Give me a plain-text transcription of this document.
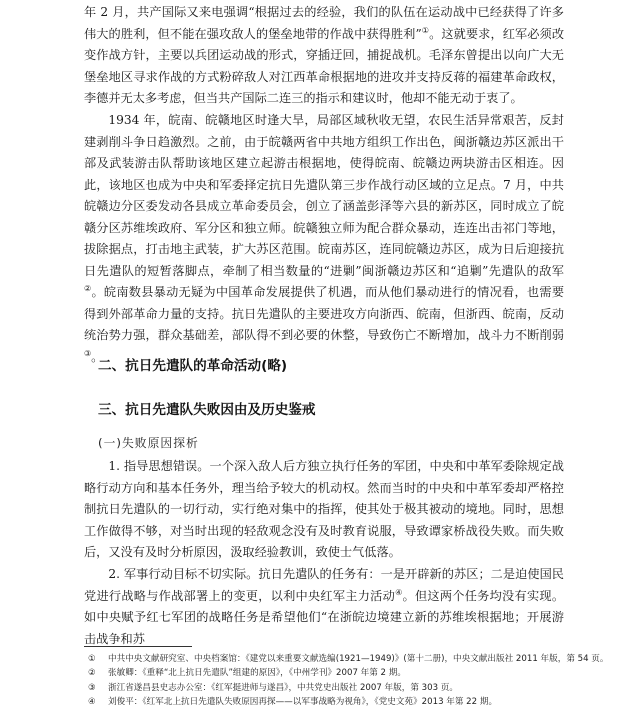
年 2 月，共产国际又来电强调“根据过去的经验，我们的队伍在运动战中已经获得了许多伟大的胜利，但不能在强攻敌人的堡垒地带的作战中获得胜利”①。这就要求，红军必须改变作战方针，主要以兵团运动战的形式，穿插迂回，捕捉战机。毛泽东曾提出以向广大无堡垒地区寻求作战的方式粉碎敌人对江西革命根据地的进攻并支持反蒋的福建革命政权，李德并无太多考虑，但当共产国际二连三的指示和建议时，他却不能无动于衷了。

1934 年，皖南、皖赣地区时逢大旱，局部区域秋收无望，农民生活异常艰苦，反封建剥削斗争日趋激烈。之前，由于皖赣两省中共地方组织工作出色，闽浙赣边苏区派出干部及武装游击队帮助该地区建立起游击根据地，使得皖南、皖赣边两块游击区相连。因此，该地区也成为中央和军委择定抗日先遣队第三步作战行动区域的立足点。7 月，中共皖赣边分区委发动各县成立革命委员会，创立了涵盖彭泽等六县的新苏区，同时成立了皖赣分区苏维埃政府、军分区和独立师。皖赣独立师为配合群众暴动，连连出击祁门等地，拔除据点，打击地主武装，扩大苏区范围。皖南苏区，连同皖赣边苏区，成为日后迎接抗日先遣队的短暂落脚点，牵制了相当数量的“进剿”闽浙赣边苏区和“追剿”先遣队的敌军②。皖南数县暴动无疑为中国革命发展提供了机遇，而从他们暴动进行的情况看，也需要得到外部革命力量的支持。抗日先遣队的主要进攻方向浙西、皖南，但浙西、皖南，反动统治势力强，群众基础差，部队得不到必要的休整，导致伤亡不断增加，战斗力不断削弱③。

二、抗日先遣队的革命活动(略)
三、抗日先遣队失败因由及历史鉴戒
(一)失败原因探析

1. 指导思想错误。一个深入敌人后方独立执行任务的军团，中央和中革军委除规定战略行动方向和基本任务外，理当给予较大的机动权。然而当时的中央和中革军委却严格控制抗日先遣队的一切行动，实行绝对集中的指挥，使其处于极其被动的境地。同时，思想工作做得不够，对当时出现的轻敌观念没有及时教育说服，导致谭家桥战役失败。而失败后，又没有及时分析原因，汲取经验教训，致使士气低落。

2. 军事行动目标不切实际。抗日先遣队的任务有：一是开辟新的苏区；二是迫使国民党进行战略与作战部署上的变更，以利中央红军主力活动④。但这两个任务均没有实现。如中央赋予红七军团的战略任务是希望他们“在浙皖边境建立新的苏维埃根据地；开展游击战争和苏

① 中共中央文献研究室、中央档案馆：《建党以来重要文献选编(1921—1949)》(第十二册)，中央文献出版社 2011 年版，第 54 页。

② 张敏卿：《重释“北上抗日先遣队”组建的原因》，《中州学刊》2007 年第 2 期。

③ 浙江省遂昌县史志办公室：《红军挺进师与遂昌》，中共党史出版社 2007 年版，第 303 页。

④ 刘俊平：《红军北上抗日先遣队失败原因再探——以军事战略为视角》，《党史文苑》2013 年第 22 期。
